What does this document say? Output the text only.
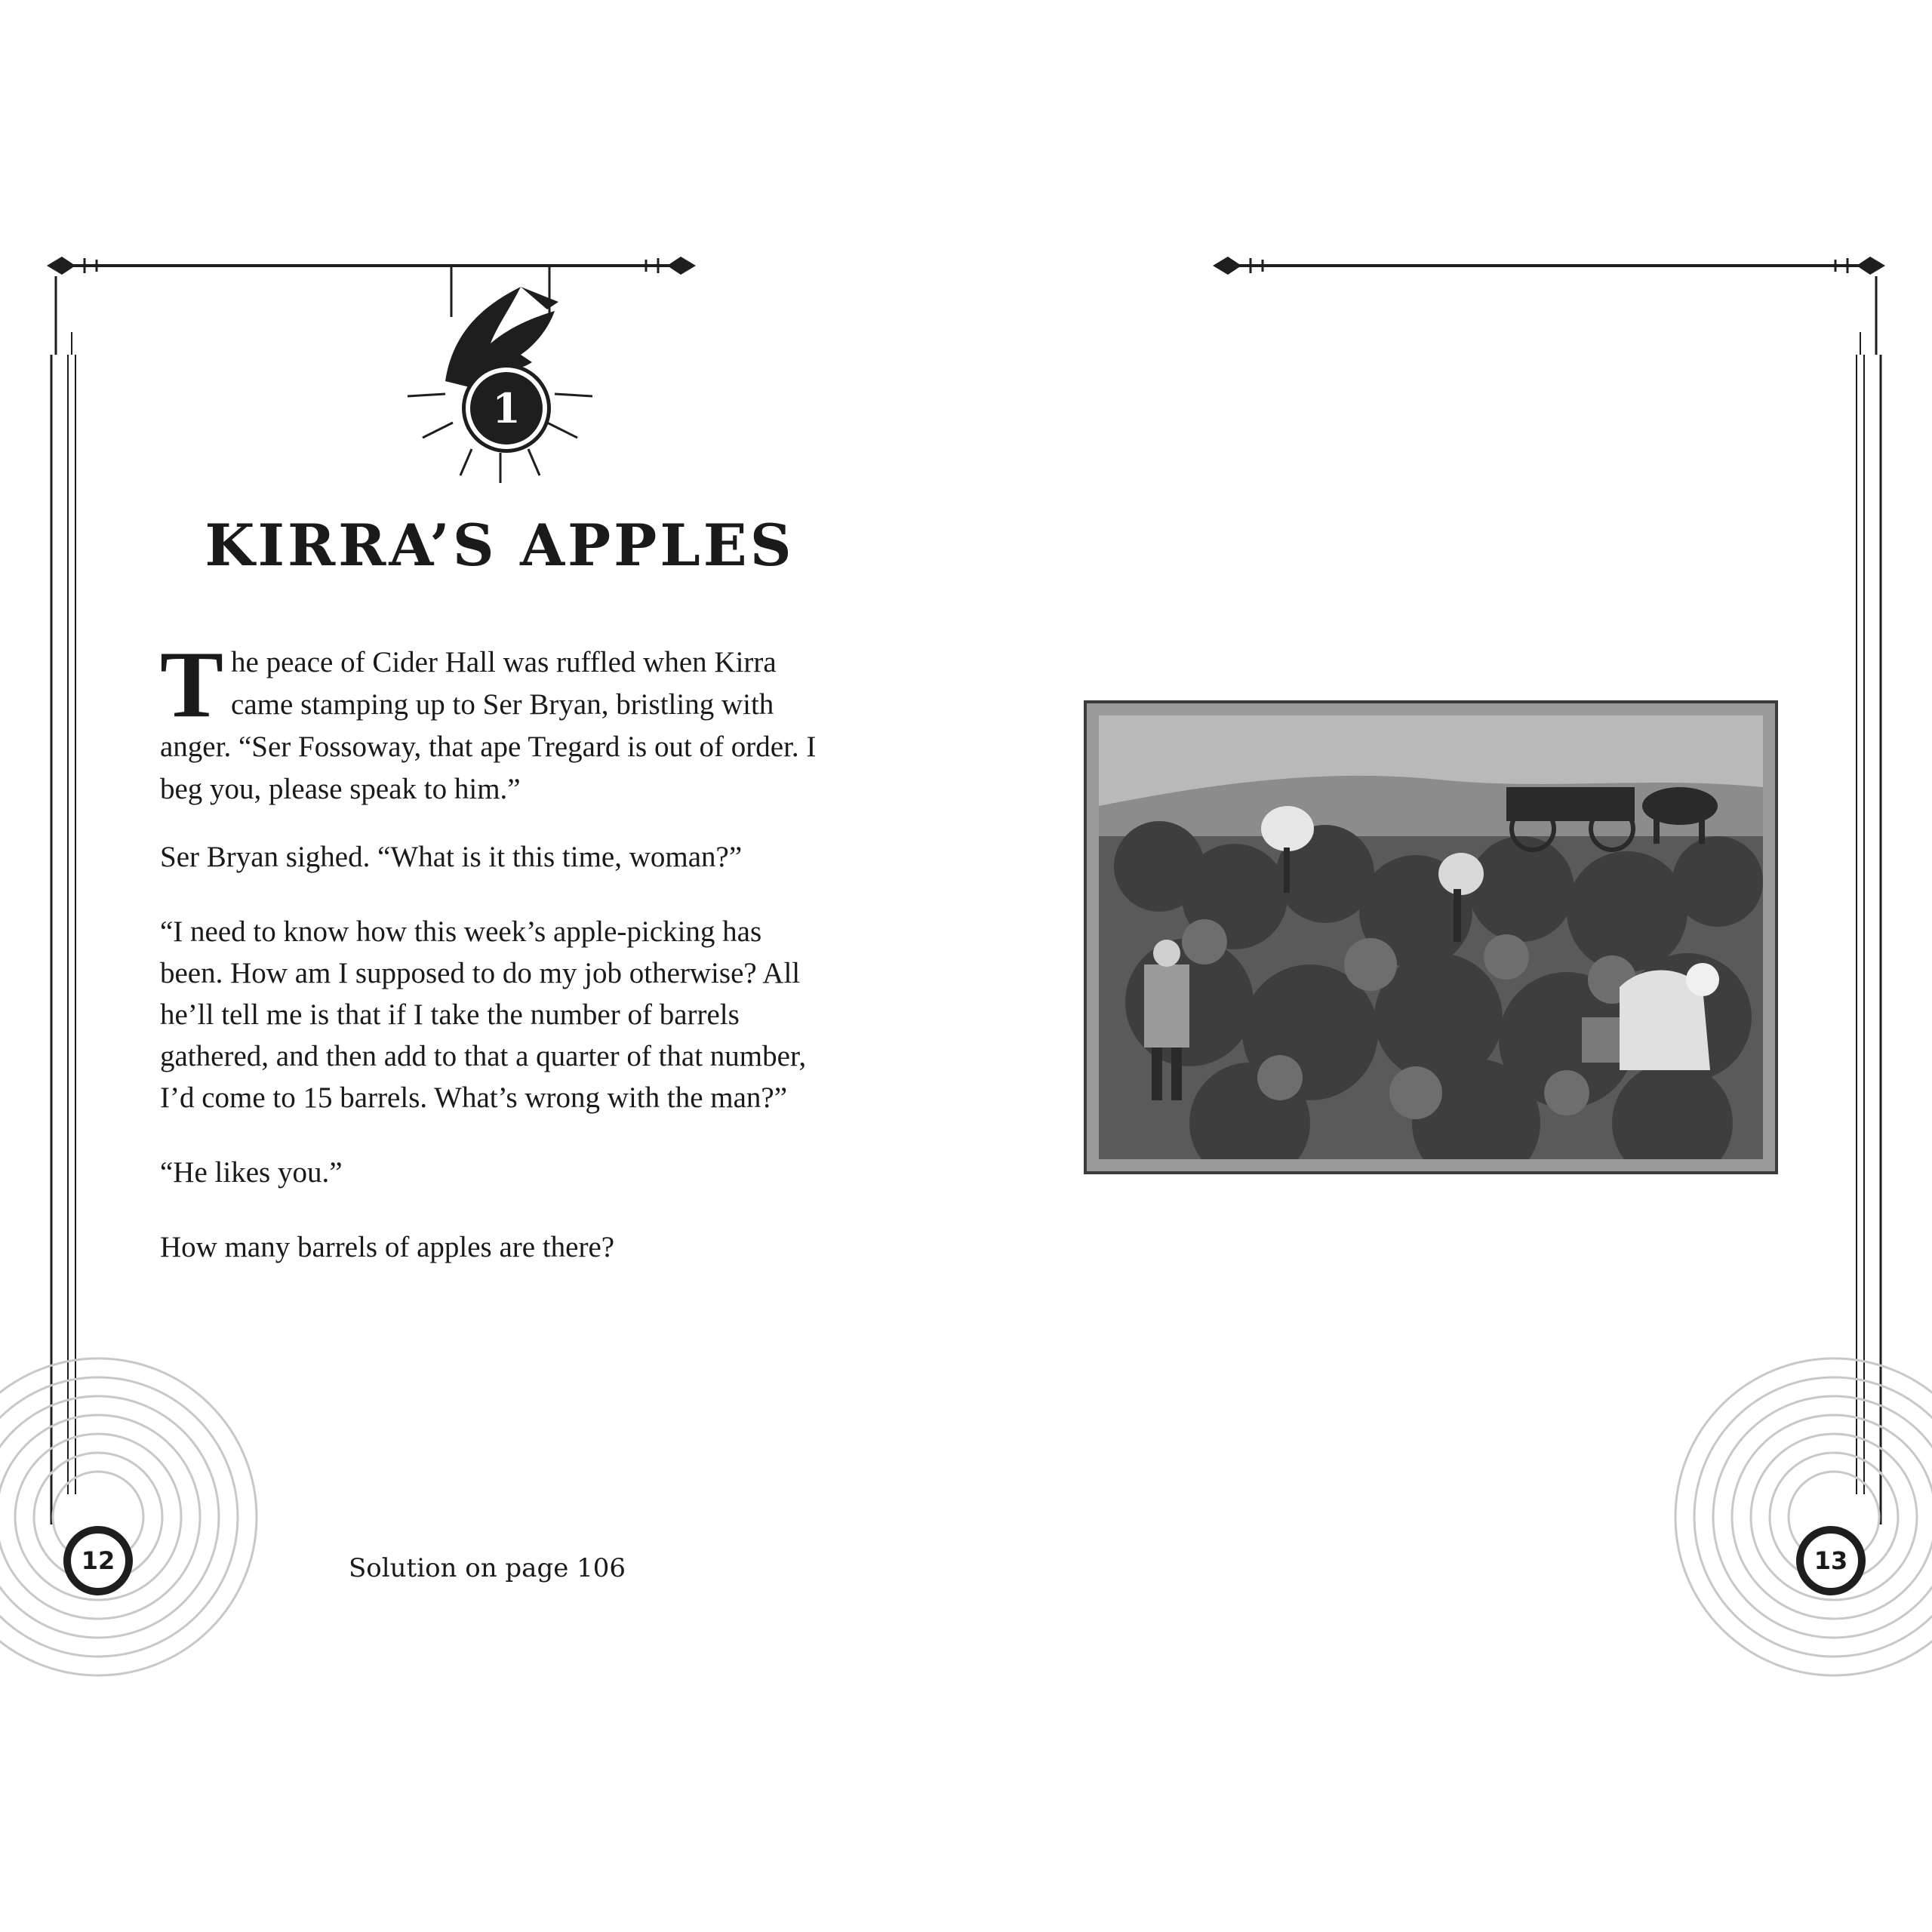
1
KIRRA’S APPLES

The peace of Cider Hall was ruffled when Kirra came stamping up to Ser Bryan, bristling with anger. “Ser Fossoway, that ape Tregard is out of order. I beg you, please speak to him.”

Ser Bryan sighed. “What is it this time, woman?”

“I need to know how this week’s apple-picking has been. How am I supposed to do my job otherwise? All he’ll tell me is that if I take the number of barrels gathered, and then add to that a quarter of that number, I’d come to 15 barrels. What’s wrong with the man?”

“He likes you.”

How many barrels of apples are there?

Solution on page 106
12	13
